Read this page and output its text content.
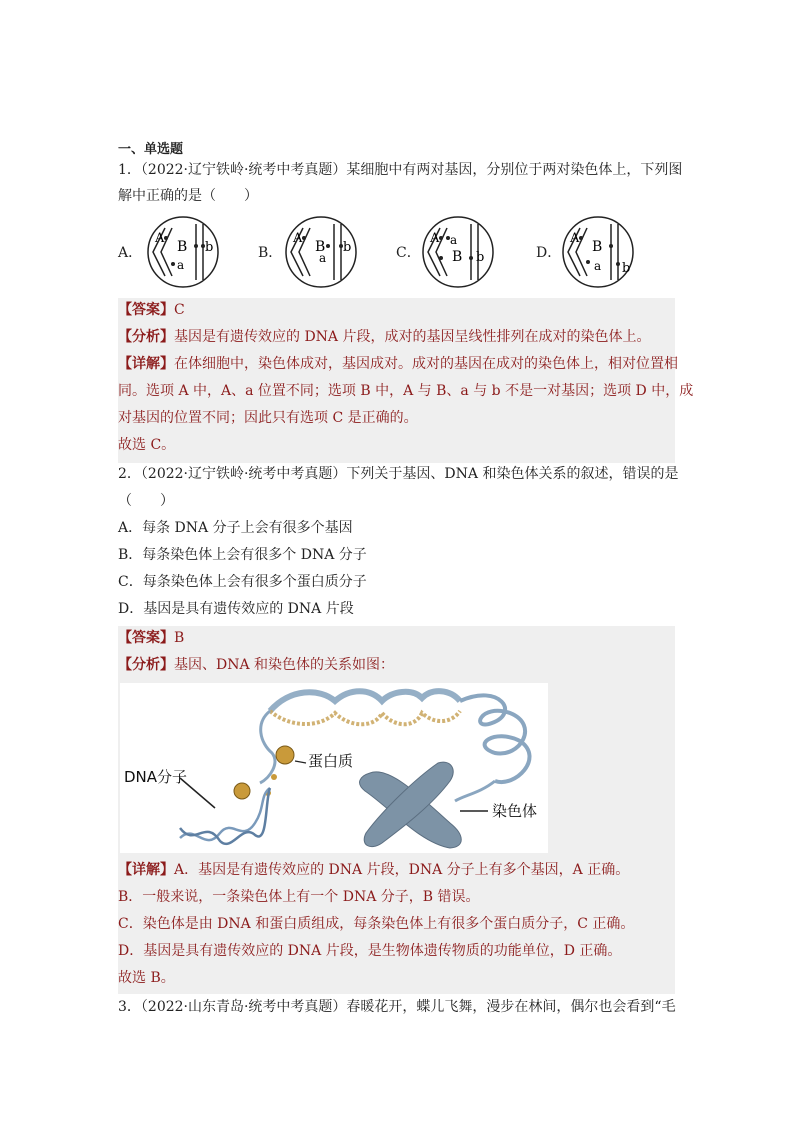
一、单选题
1．（2022·辽宁铁岭·统考中考真题）某细胞中有两对基因，分别位于两对染色体上，下列图
解中正确的是（　　）
A．
A
B
a
b	B．
A
B
a
b	C．
A a
B b	D．
A
B
a b
【答案】C
【分析】基因是有遗传效应的 DNA 片段，成对的基因呈线性排列在成对的染色体上。
【详解】在体细胞中，染色体成对，基因成对。成对的基因在成对的染色体上，相对位置相
同。选项 A 中，A、a 位置不同；选项 B 中，A 与 B、a 与 b 不是一对基因；选项 D 中，成
对基因的位置不同；因此只有选项 C 是正确的。
故选 C。
2．（2022·辽宁铁岭·统考中考真题）下列关于基因、DNA 和染色体关系的叙述，错误的是
（　　）
A．每条 DNA 分子上会有很多个基因
B．每条染色体上会有很多个 DNA 分子
C．每条染色体上会有很多个蛋白质分子
D．基因是具有遗传效应的 DNA 片段
【答案】B
【分析】基因、DNA 和染色体的关系如图：
DNA分子
蛋白质
染色体
【详解】A．基因是有遗传效应的 DNA 片段，DNA 分子上有多个基因，A 正确。
B．一般来说，一条染色体上有一个 DNA 分子，B 错误。
C．染色体是由 DNA 和蛋白质组成，每条染色体上有很多个蛋白质分子，C 正确。
D．基因是具有遗传效应的 DNA 片段，是生物体遗传物质的功能单位，D 正确。
故选 B。
3．（2022·山东青岛·统考中考真题）春暖花开，蝶儿飞舞，漫步在林间，偶尔也会看到“毛
